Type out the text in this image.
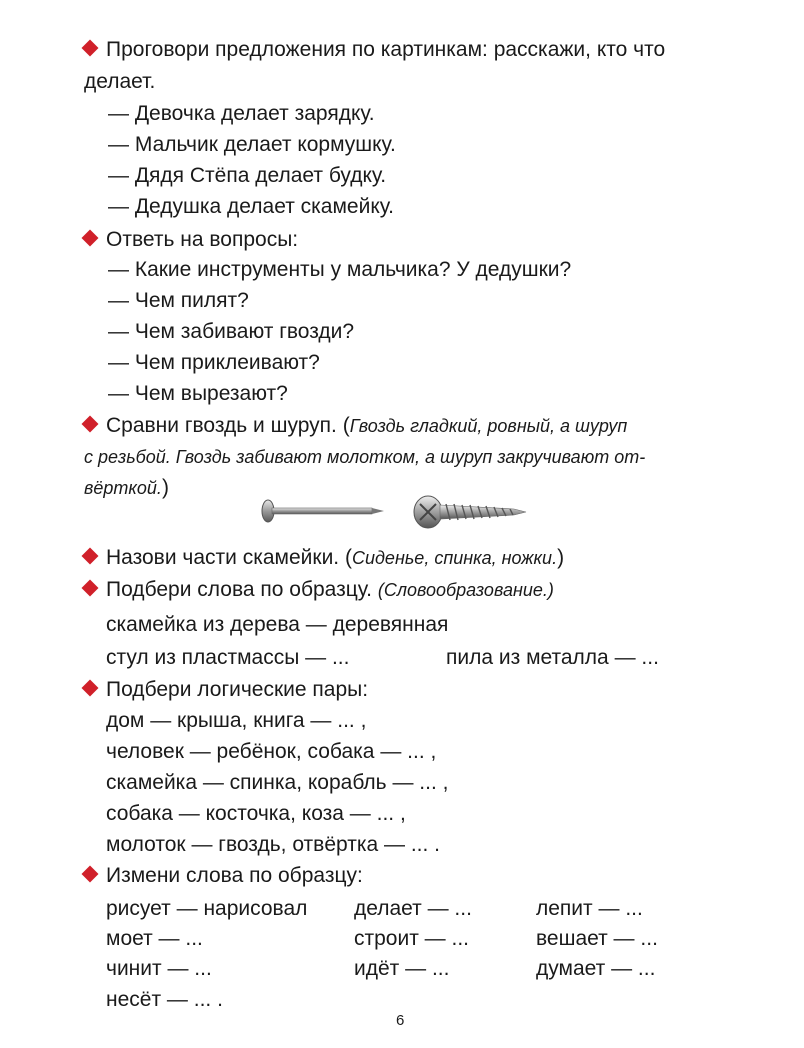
Проговори предложения по картинкам: расскажи, кто что
делает.
— Девочка делает зарядку.
— Мальчик делает кормушку.
— Дядя Стёпа делает будку.
— Дедушка делает скамейку.
Ответь на вопросы:
— Какие инструменты у мальчика? У дедушки?
— Чем пилят?
— Чем забивают гвозди?
— Чем приклеивают?
— Чем вырезают?
Сравни гвоздь и шуруп. (Гвоздь гладкий, ровный, а шуруп
с резьбой. Гвоздь забивают молотком, а шуруп закручивают от-
вёрткой.)
Назови части скамейки. (Сиденье, спинка, ножки.)
Подбери слова по образцу. (Словообразование.)
скамейка из дерева — деревянная
стул из пластмассы — ...	пила из металла — ...
Подбери логические пары:
дом — крыша, книга — ... ,
человек — ребёнок, собака — ... ,
скамейка — спинка, корабль — ... ,
собака — косточка, коза — ... ,
молоток — гвоздь, отвёртка — ... .
Измени слова по образцу:
рисует — нарисовал
моет — ...
чинит — ...
несёт — ... .
делает — ...
строит — ...
идёт — ...
лепит — ...
вешает — ...
думает — ...
6
